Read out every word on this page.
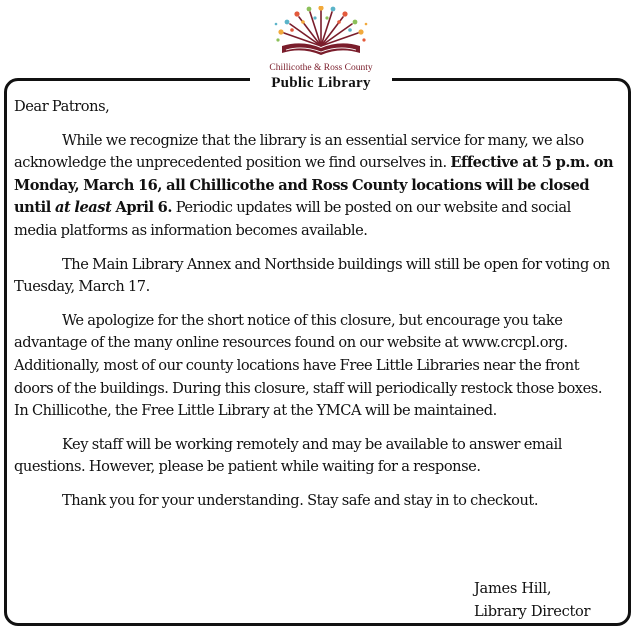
Chillicothe & Ross County
Public Library

Dear Patrons,

While we recognize that the library is an essential service for many, we also acknowledge the unprecedented position we find ourselves in. Effective at 5 p.m. on Monday, March 16, all Chillicothe and Ross County locations will be closed until at least April 6. Periodic updates will be posted on our website and social media platforms as information becomes available.

The Main Library Annex and Northside buildings will still be open for voting on Tuesday, March 17.

We apologize for the short notice of this closure, but encourage you take advantage of the many online resources found on our website at www.crcpl.org. Additionally, most of our county locations have Free Little Libraries near the front doors of the buildings. During this closure, staff will periodically restock those boxes. In Chillicothe, the Free Little Library at the YMCA will be maintained.

Key staff will be working remotely and may be available to answer email questions. However, please be patient while waiting for a response.

Thank you for your understanding. Stay safe and stay in to checkout.

James Hill,
Library Director
